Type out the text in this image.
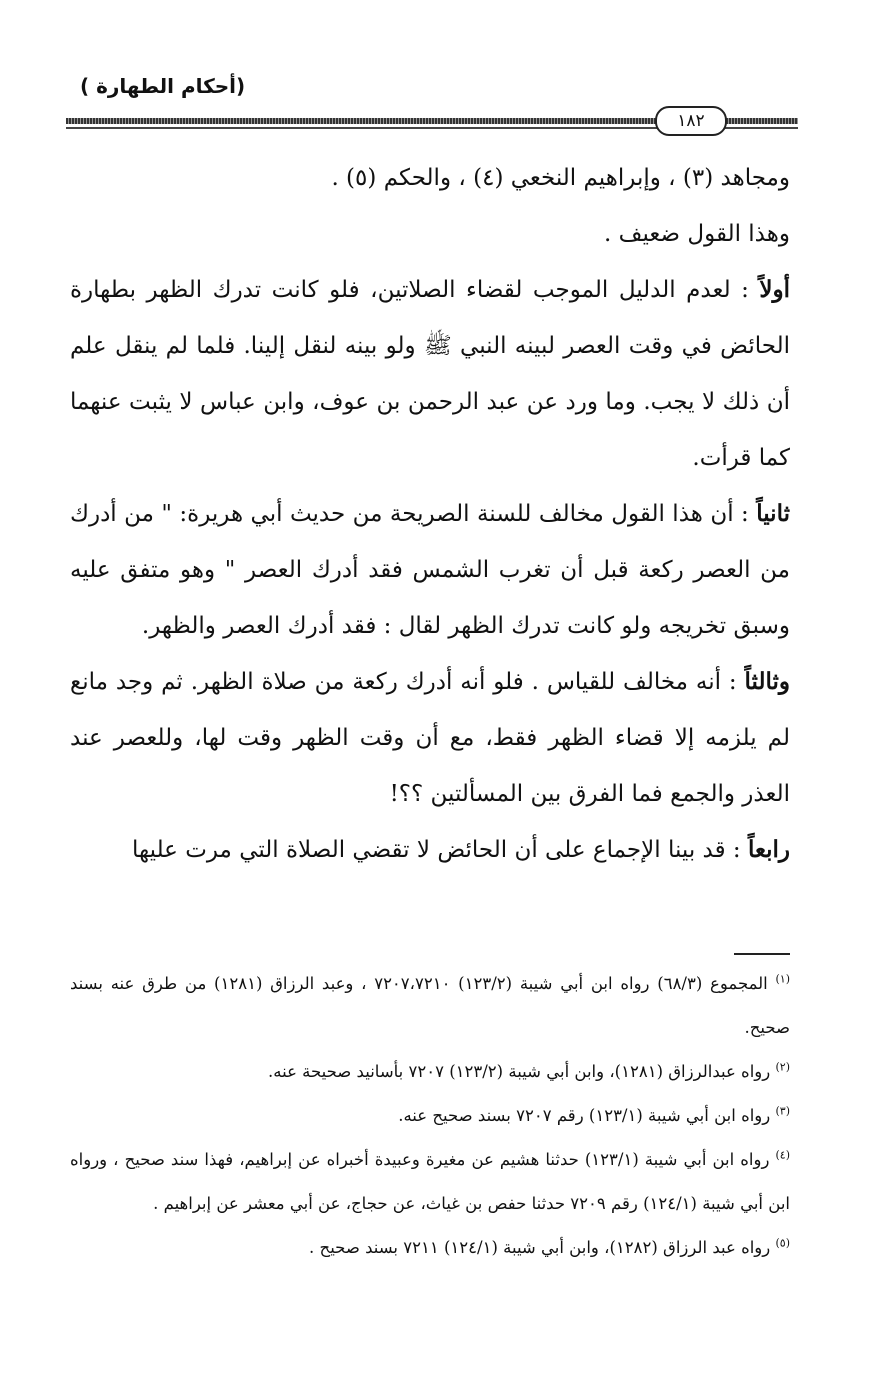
(أحكام الطهارة )
١٨٢

ومجاهد (٣) ، وإبراهيم النخعي (٤) ، والحكم (٥) .

وهذا القول ضعيف .

أولاً : لعدم الدليل الموجب لقضاء الصلاتين، فلو كانت تدرك الظهر بطهارة الحائض في وقت العصر لبينه النبي ﷺ ولو بينه لنقل إلينا. فلما لم ينقل علم أن ذلك لا يجب. وما ورد عن عبد الرحمن بن عوف، وابن عباس لا يثبت عنهما كما قرأت.

ثانياً : أن هذا القول مخالف للسنة الصريحة من حديث أبي هريرة: " من أدرك من العصر ركعة قبل أن تغرب الشمس فقد أدرك العصر " وهو متفق عليه وسبق تخريجه ولو كانت تدرك الظهر لقال : فقد أدرك العصر والظهر.

وثالثاً : أنه مخالف للقياس . فلو أنه أدرك ركعة من صلاة الظهر. ثم وجد مانع لم يلزمه إلا قضاء الظهر فقط، مع أن وقت الظهر وقت لها، وللعصر عند العذر والجمع فما الفرق بين المسألتين ؟؟!

رابعاً : قد بينا الإجماع على أن الحائض لا تقضي الصلاة التي مرت عليها

$^{(١)}$ المجموع (٦٨/٣) رواه ابن أبي شيبة (١٢٣/٢) ٧٢٠٧،٧٢١٠ ، وعبد الرزاق (١٢٨١) من طرق عنه بسند صحيح.

$^{(٢)}$ رواه عبدالرزاق (١٢٨١)، وابن أبي شيبة (١٢٣/٢) ٧٢٠٧ بأسانيد صحيحة عنه.

$^{(٣)}$ رواه ابن أبي شيبة (١٢٣/١) رقم ٧٢٠٧ بسند صحيح عنه.

$^{(٤)}$ رواه ابن أبي شيبة (١٢٣/١) حدثنا هشيم عن مغيرة وعبيدة أخبراه عن إبراهيم، فهذا سند صحيح ، ورواه ابن أبي شيبة (١٢٤/١) رقم ٧٢٠٩ حدثنا حفص بن غياث، عن حجاج، عن أبي معشر عن إبراهيم .

$^{(٥)}$ رواه عبد الرزاق (١٢٨٢)، وابن أبي شيبة (١٢٤/١) ٧٢١١ بسند صحيح .
